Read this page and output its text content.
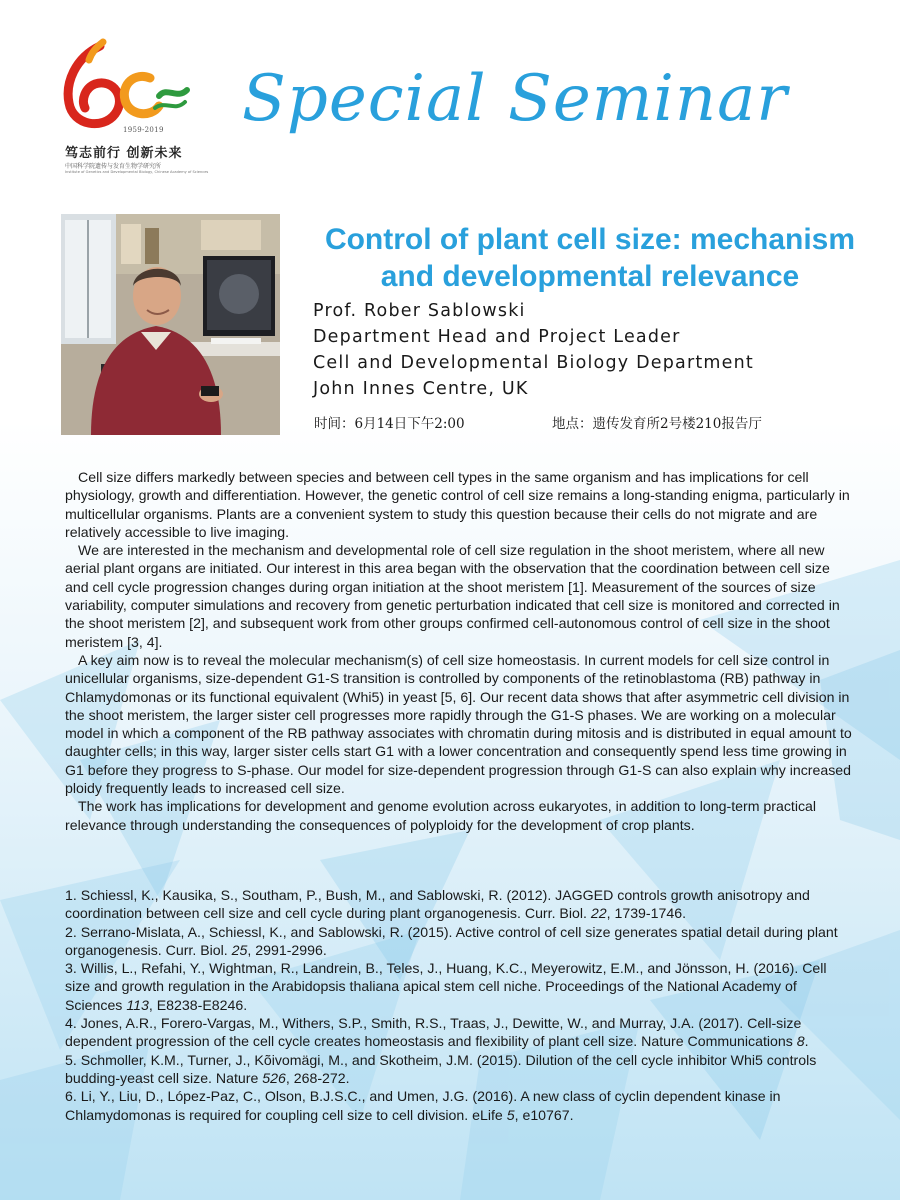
1959-2019
笃志前行 创新未来
中国科学院遗传与发育生物学研究所
Institute of Genetics and Developmental Biology, Chinese Academy of Sciences
Special Seminar
Control of plant cell size: mechanism and developmental relevance
Prof. Rober Sablowski
Department Head and Project Leader
Cell and Developmental Biology Department
John Innes Centre, UK
时间：6月14日下午2:00	地点：遗传发育所2号楼210报告厅

Cell size differs markedly between species and between cell types in the same organism and has implications for cell physiology, growth and differentiation. However, the genetic control of cell size remains a long-standing enigma, particularly in multicellular organisms. Plants are a convenient system to study this question because their cells do not migrate and are relatively accessible to live imaging.

We are interested in the mechanism and developmental role of cell size regulation in the shoot meristem, where all new aerial plant organs are initiated. Our interest in this area began with the observation that the coordination between cell size and cell cycle progression changes during organ initiation at the shoot meristem [1]. Measurement of the sources of size variability, computer simulations and recovery from genetic perturbation indicated that cell size is monitored and corrected in the shoot meristem [2], and subsequent work from other groups confirmed cell-autonomous control of cell size in the shoot meristem [3, 4].

A key aim now is to reveal the molecular mechanism(s) of cell size homeostasis. In current models for cell size control in unicellular organisms, size-dependent G1-S transition is controlled by components of the retinoblastoma (RB) pathway in Chlamydomonas or its functional equivalent (Whi5) in yeast [5, 6]. Our recent data shows that after asymmetric cell division in the shoot meristem, the larger sister cell progresses more rapidly through the G1-S phases. We are working on a molecular model in which a component of the RB pathway associates with chromatin during mitosis and is distributed in equal amount to daughter cells; in this way, larger sister cells start G1 with a lower concentration and consequently spend less time growing in G1 before they progress to S-phase. Our model for size-dependent progression through G1-S can also explain why increased ploidy frequently leads to increased cell size.

The work has implications for development and genome evolution across eukaryotes, in addition to long-term practical relevance through understanding the consequences of polyploidy for the development of crop plants.

1. Schiessl, K., Kausika, S., Southam, P., Bush, M., and Sablowski, R. (2012). JAGGED controls growth anisotropy and coordination between cell size and cell cycle during plant organogenesis. Curr. Biol. 22, 1739-1746.

2. Serrano-Mislata, A., Schiessl, K., and Sablowski, R. (2015). Active control of cell size generates spatial detail during plant organogenesis. Curr. Biol. 25, 2991-2996.

3. Willis, L., Refahi, Y., Wightman, R., Landrein, B., Teles, J., Huang, K.C., Meyerowitz, E.M., and Jönsson, H. (2016). Cell size and growth regulation in the Arabidopsis thaliana apical stem cell niche. Proceedings of the National Academy of Sciences 113, E8238-E8246.

4. Jones, A.R., Forero-Vargas, M., Withers, S.P., Smith, R.S., Traas, J., Dewitte, W., and Murray, J.A. (2017). Cell-size dependent progression of the cell cycle creates homeostasis and flexibility of plant cell size. Nature Communications 8.

5. Schmoller, K.M., Turner, J., Kõivomägi, M., and Skotheim, J.M. (2015). Dilution of the cell cycle inhibitor Whi5 controls budding-yeast cell size. Nature 526, 268-272.

6. Li, Y., Liu, D., López-Paz, C., Olson, B.J.S.C., and Umen, J.G. (2016). A new class of cyclin dependent kinase in Chlamydomonas is required for coupling cell size to cell division. eLife 5, e10767.
